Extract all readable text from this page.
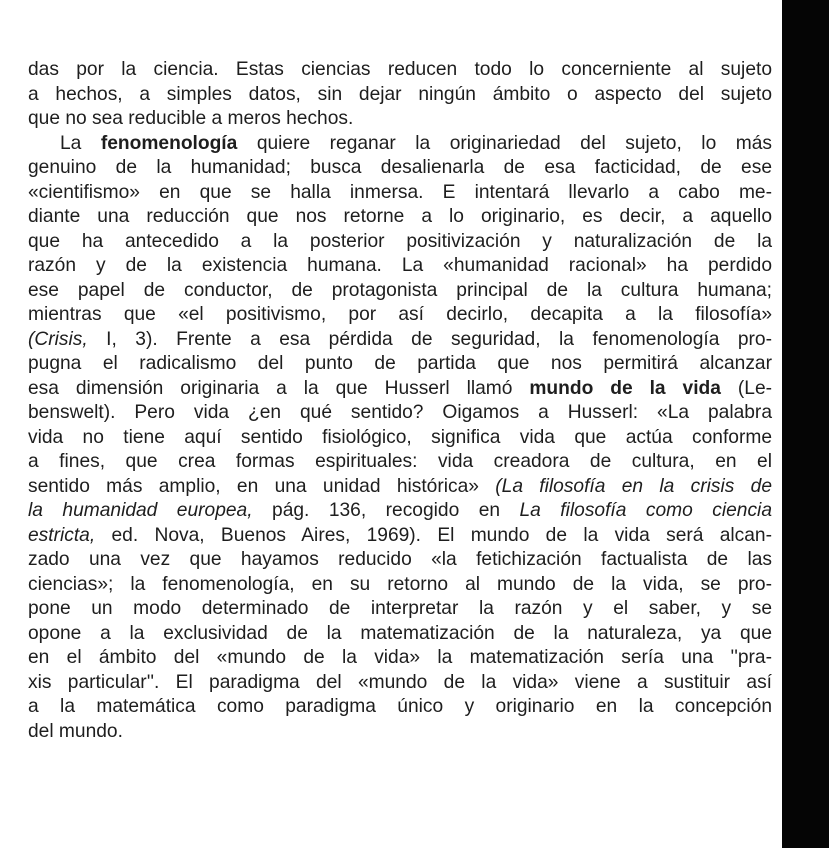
das por la ciencia. Estas ciencias reducen todo lo concerniente al sujeto
a hechos, a simples datos, sin dejar ningún ámbito o aspecto del sujeto
que no sea reducible a meros hechos.
La fenomenología quiere reganar la originariedad del sujeto, lo más
genuino de la humanidad; busca desalienarla de esa facticidad, de ese
«cientifismo» en que se halla inmersa. E intentará llevarlo a cabo me-
diante una reducción que nos retorne a lo originario, es decir, a aquello
que ha antecedido a la posterior positivización y naturalización de la
razón y de la existencia humana. La «humanidad racional» ha perdido
ese papel de conductor, de protagonista principal de la cultura humana;
mientras que «el positivismo, por así decirlo, decapita a la filosofía»
(Crisis, I, 3). Frente a esa pérdida de seguridad, la fenomenología pro-
pugna el radicalismo del punto de partida que nos permitirá alcanzar
esa dimensión originaria a la que Husserl llamó mundo de la vida (Le-
benswelt). Pero vida ¿en qué sentido? Oigamos a Husserl: «La palabra
vida no tiene aquí sentido fisiológico, significa vida que actúa conforme
a fines, que crea formas espirituales: vida creadora de cultura, en el
sentido más amplio, en una unidad histórica» (La filosofía en la crisis de
la humanidad europea, pág. 136, recogido en La filosofía como ciencia
estricta, ed. Nova, Buenos Aires, 1969). El mundo de la vida será alcan-
zado una vez que hayamos reducido «la fetichización factualista de las
ciencias»; la fenomenología, en su retorno al mundo de la vida, se pro-
pone un modo determinado de interpretar la razón y el saber, y se
opone a la exclusividad de la matematización de la naturaleza, ya que
en el ámbito del «mundo de la vida» la matematización sería una ''pra-
xis particular''. El paradigma del «mundo de la vida» viene a sustituir así
a la matemática como paradigma único y originario en la concepción
del mundo.
